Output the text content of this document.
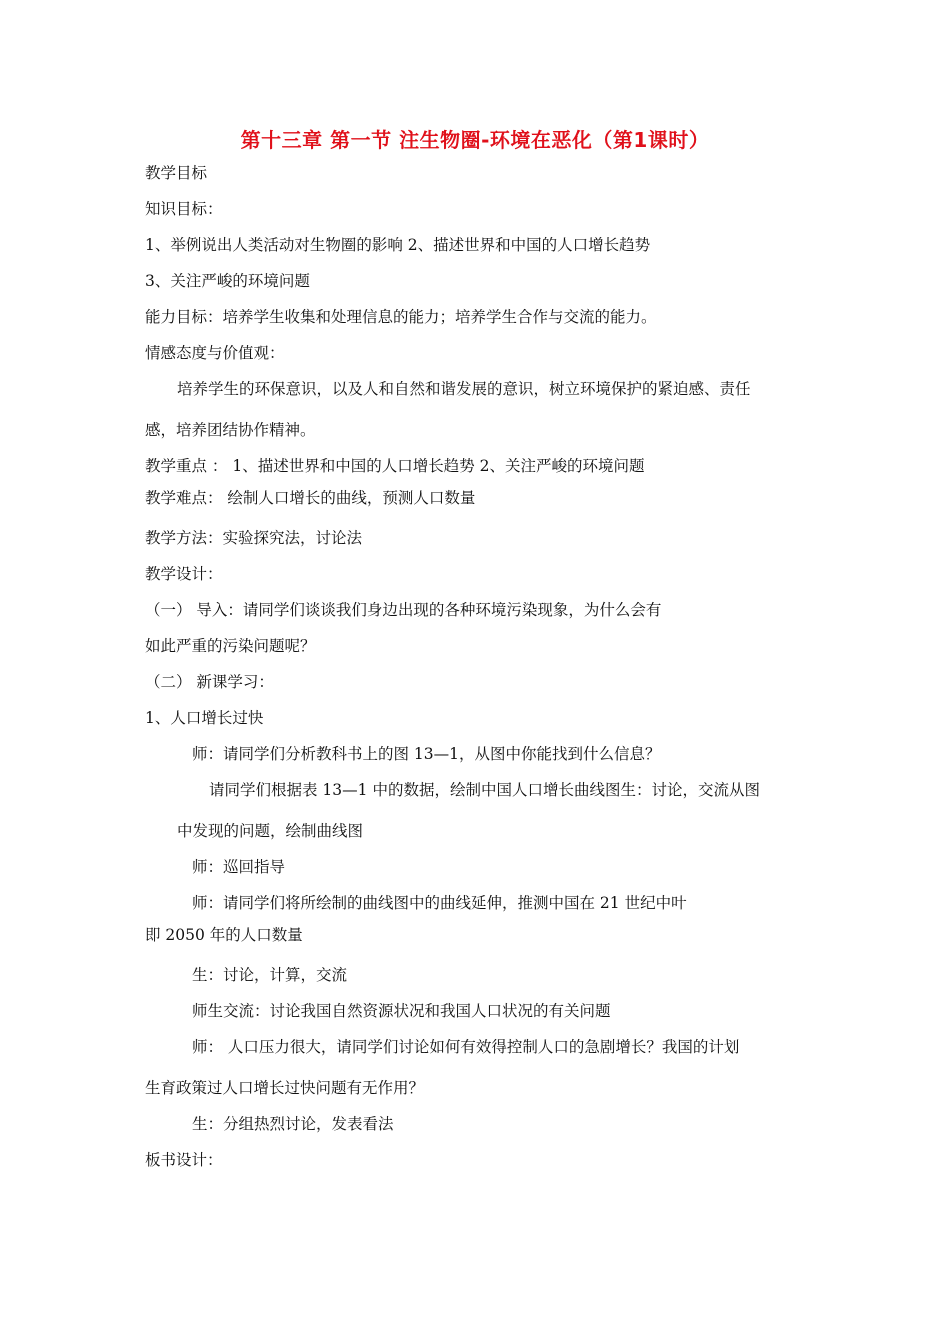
第十三章 第一节 注生物圈-环境在恶化（第1课时）
教学目标
知识目标：
1、举例说出人类活动对生物圈的影响 2、描述世界和中国的人口增长趋势
3、关注严峻的环境问题
能力目标：培养学生收集和处理信息的能力；培养学生合作与交流的能力。
情感态度与价值观：
培养学生的环保意识，以及人和自然和谐发展的意识，树立环境保护的紧迫感、责任
感，培养团结协作精神。
教学重点 ： 1、描述世界和中国的人口增长趋势 2、关注严峻的环境问题
教学难点： 绘制人口增长的曲线，预测人口数量
教学方法：实验探究法，讨论法
教学设计：
（一） 导入：请同学们谈谈我们身边出现的各种环境污染现象，为什么会有
如此严重的污染问题呢？
（二） 新课学习：
1、人口增长过快
师：请同学们分析教科书上的图 13—1，从图中你能找到什么信息？
请同学们根据表 13—1 中的数据，绘制中国人口增长曲线图生：讨论，交流从图
中发现的问题，绘制曲线图
师：巡回指导
师：请同学们将所绘制的曲线图中的曲线延伸，推测中国在 21 世纪中叶
即 2050 年的人口数量
生：讨论，计算，交流
师生交流：讨论我国自然资源状况和我国人口状况的有关问题
师： 人口压力很大，请同学们讨论如何有效得控制人口的急剧增长？我国的计划
生育政策过人口增长过快问题有无作用？
生：分组热烈讨论，发表看法
板书设计：
